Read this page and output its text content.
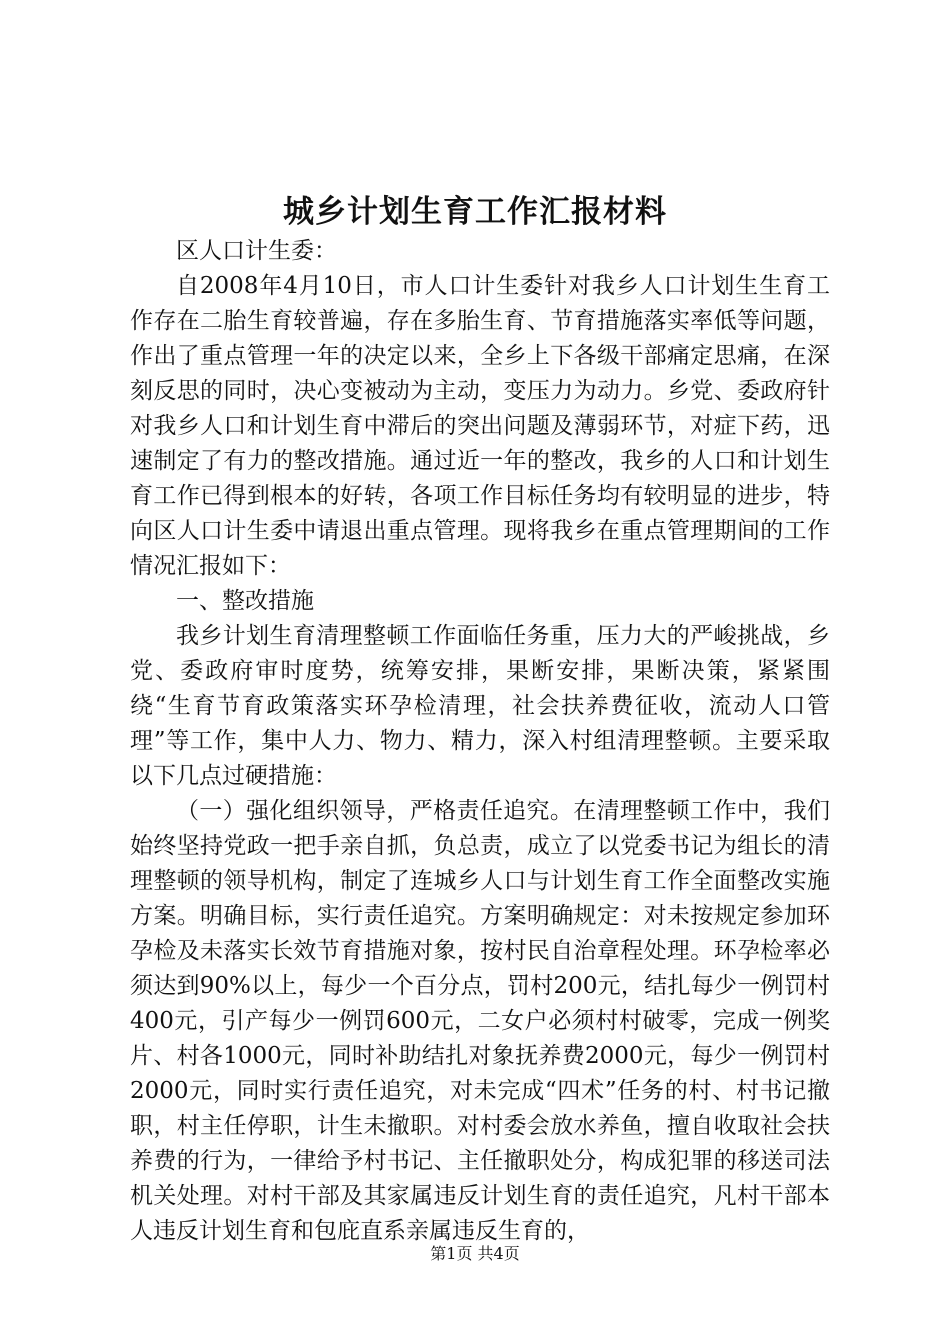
城乡计划生育工作汇报材料

区人口计生委：

自2008年4月10日，市人口计生委针对我乡人口计划生生育工作存在二胎生育较普遍，存在多胎生育、节育措施落实率低等问题，作出了重点管理一年的决定以来，全乡上下各级干部痛定思痛，在深刻反思的同时，决心变被动为主动，变压力为动力。乡党、委政府针对我乡人口和计划生育中滞后的突出问题及薄弱环节，对症下药，迅速制定了有力的整改措施。通过近一年的整改，我乡的人口和计划生育工作已得到根本的好转，各项工作目标任务均有较明显的进步，特向区人口计生委中请退出重点管理。现将我乡在重点管理期间的工作情况汇报如下：

一、整改措施

我乡计划生育清理整顿工作面临任务重，压力大的严峻挑战，乡党、委政府审时度势，统筹安排，果断安排，果断决策，紧紧围绕“生育节育政策落实环孕检清理，社会扶养费征收，流动人口管理”等工作，集中人力、物力、精力，深入村组清理整顿。主要采取以下几点过硬措施：

（一）强化组织领导，严格责任追究。在清理整顿工作中，我们始终坚持党政一把手亲自抓，负总责，成立了以党委书记为组长的清理整顿的领导机构，制定了连城乡人口与计划生育工作全面整改实施方案。明确目标，实行责任追究。方案明确规定：对未按规定参加环孕检及未落实长效节育措施对象，按村民自治章程处理。环孕检率必须达到90%以上，每少一个百分点，罚村200元，结扎每少一例罚村400元，引产每少一例罚600元，二女户必须村村破零，完成一例奖片、村各1000元，同时补助结扎对象抚养费2000元，每少一例罚村2000元，同时实行责任追究，对未完成“四术”任务的村、村书记撤职，村主任停职，计生未撤职。对村委会放水养鱼，擅自收取社会扶养费的行为，一律给予村书记、主任撤职处分，构成犯罪的移送司法机关处理。对村干部及其家属违反计划生育的责任追究，凡村干部本人违反计划生育和包庇直系亲属违反生育的，

第1页 共4页
